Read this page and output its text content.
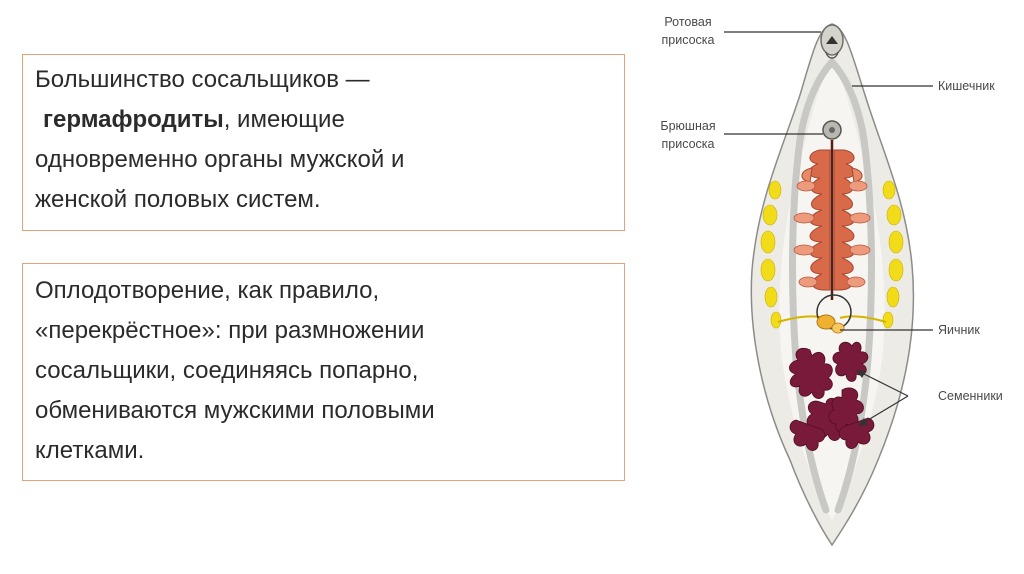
Большинство сосальщиков —
гермафродиты, имеющие
одновременно органы мужской и
женской половых систем.
Оплодотворение, как правило,
«перекрёстное»: при размножении
сосальщики, соединяясь попарно,
обмениваются мужскими половыми
клетками.
Ротовая
присоска
Кишечник
Брюшная
присоска
Яичник
Семенники
